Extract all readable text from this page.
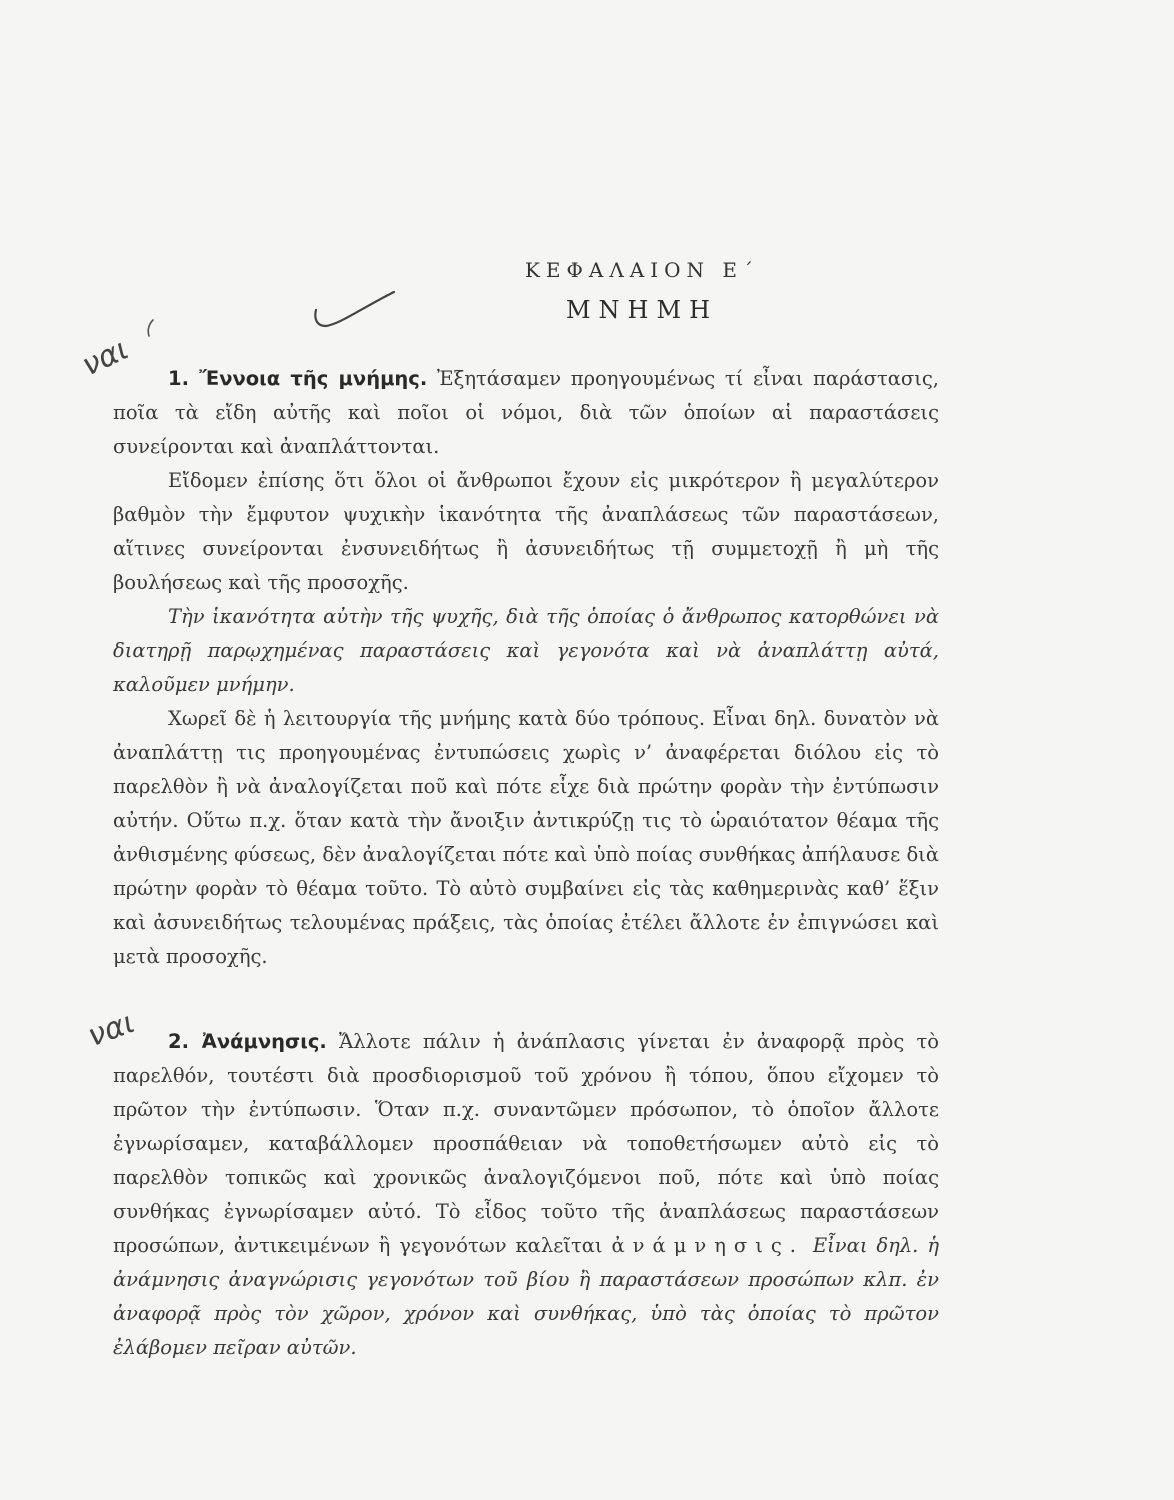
ΚΕΦΑΛΑΙΟΝ Ε΄
ΜΝΗΜΗ
ναι
ναι

1. Ἔννοια τῆς μνήμης. Ἐξητάσαμεν προηγουμένως τί εἶναι παράστασις, ποῖα τὰ εἴδη αὐτῆς καὶ ποῖοι οἱ νόμοι, διὰ τῶν ὁποίων αἱ παραστάσεις συνείρονται καὶ ἀναπλάττονται.

Εἴδομεν ἐπίσης ὅτι ὅλοι οἱ ἄνθρωποι ἔχουν εἰς μικρότερον ἢ μεγαλύτερον βαθμὸν τὴν ἔμφυτον ψυχικὴν ἱκανότητα τῆς ἀναπλάσεως τῶν παραστάσεων, αἵτινες συνείρονται ἐνσυνειδήτως ἢ ἀσυνειδήτως τῇ συμμετοχῇ ἢ μὴ τῆς βουλήσεως καὶ τῆς προσοχῆς.

Τὴν ἱκανότητα αὐτὴν τῆς ψυχῆς, διὰ τῆς ὁποίας ὁ ἄνθρωπος κατορθώνει νὰ διατηρῇ παρῳχημένας παραστάσεις καὶ γεγονότα καὶ νὰ ἀναπλάττῃ αὐτά, καλοῦμεν μνήμην.

Χωρεῖ δὲ ἡ λειτουργία τῆς μνήμης κατὰ δύο τρόπους. Εἶναι δηλ. δυνατὸν νὰ ἀναπλάττῃ τις προηγουμένας ἐντυπώσεις χωρὶς ν’ ἀναφέρεται διόλου εἰς τὸ παρελθὸν ἢ νὰ ἀναλογίζεται ποῦ καὶ πότε εἶχε διὰ πρώτην φορὰν τὴν ἐντύπωσιν αὐτήν. Οὕτω π.χ. ὅταν κατὰ τὴν ἄνοιξιν ἀντικρύζῃ τις τὸ ὡραιότατον θέαμα τῆς ἀνθισμένης φύσεως, δὲν ἀναλογίζεται πότε καὶ ὑπὸ ποίας συνθήκας ἀπήλαυσε διὰ πρώτην φορὰν τὸ θέαμα τοῦτο. Τὸ αὐτὸ συμβαίνει εἰς τὰς καθημερινὰς καθ’ ἕξιν καὶ ἀσυνειδήτως τελουμένας πράξεις, τὰς ὁποίας ἐτέλει ἄλλοτε ἐν ἐπιγνώσει καὶ μετὰ προσοχῆς.

2. Ἀνάμνησις. Ἄλλοτε πάλιν ἡ ἀνάπλασις γίνεται ἐν ἀναφορᾷ πρὸς τὸ παρελθόν, τουτέστι διὰ προσδιορισμοῦ τοῦ χρόνου ἢ τόπου, ὅπου εἴχομεν τὸ πρῶτον τὴν ἐντύπωσιν. Ὅταν π.χ. συναντῶμεν πρόσωπον, τὸ ὁποῖον ἄλλοτε ἐγνωρίσαμεν, καταβάλλομεν προσπάθειαν νὰ τοποθετήσωμεν αὐτὸ εἰς τὸ παρελθὸν τοπικῶς καὶ χρονικῶς ἀναλογιζόμενοι ποῦ, πότε καὶ ὑπὸ ποίας συνθήκας ἐγνωρίσαμεν αὐτό. Τὸ εἶδος τοῦτο τῆς ἀναπλάσεως παραστάσεων προσώπων, ἀντικειμένων ἢ γεγονότων καλεῖται ἀνάμνησις. Εἶναι δηλ. ἡ ἀνάμνησις ἀναγνώρισις γεγονότων τοῦ βίου ἢ παραστάσεων προσώπων κλπ. ἐν ἀναφορᾷ πρὸς τὸν χῶρον, χρόνον καὶ συνθήκας, ὑπὸ τὰς ὁποίας τὸ πρῶτον ἐλάβομεν πεῖραν αὐτῶν.
